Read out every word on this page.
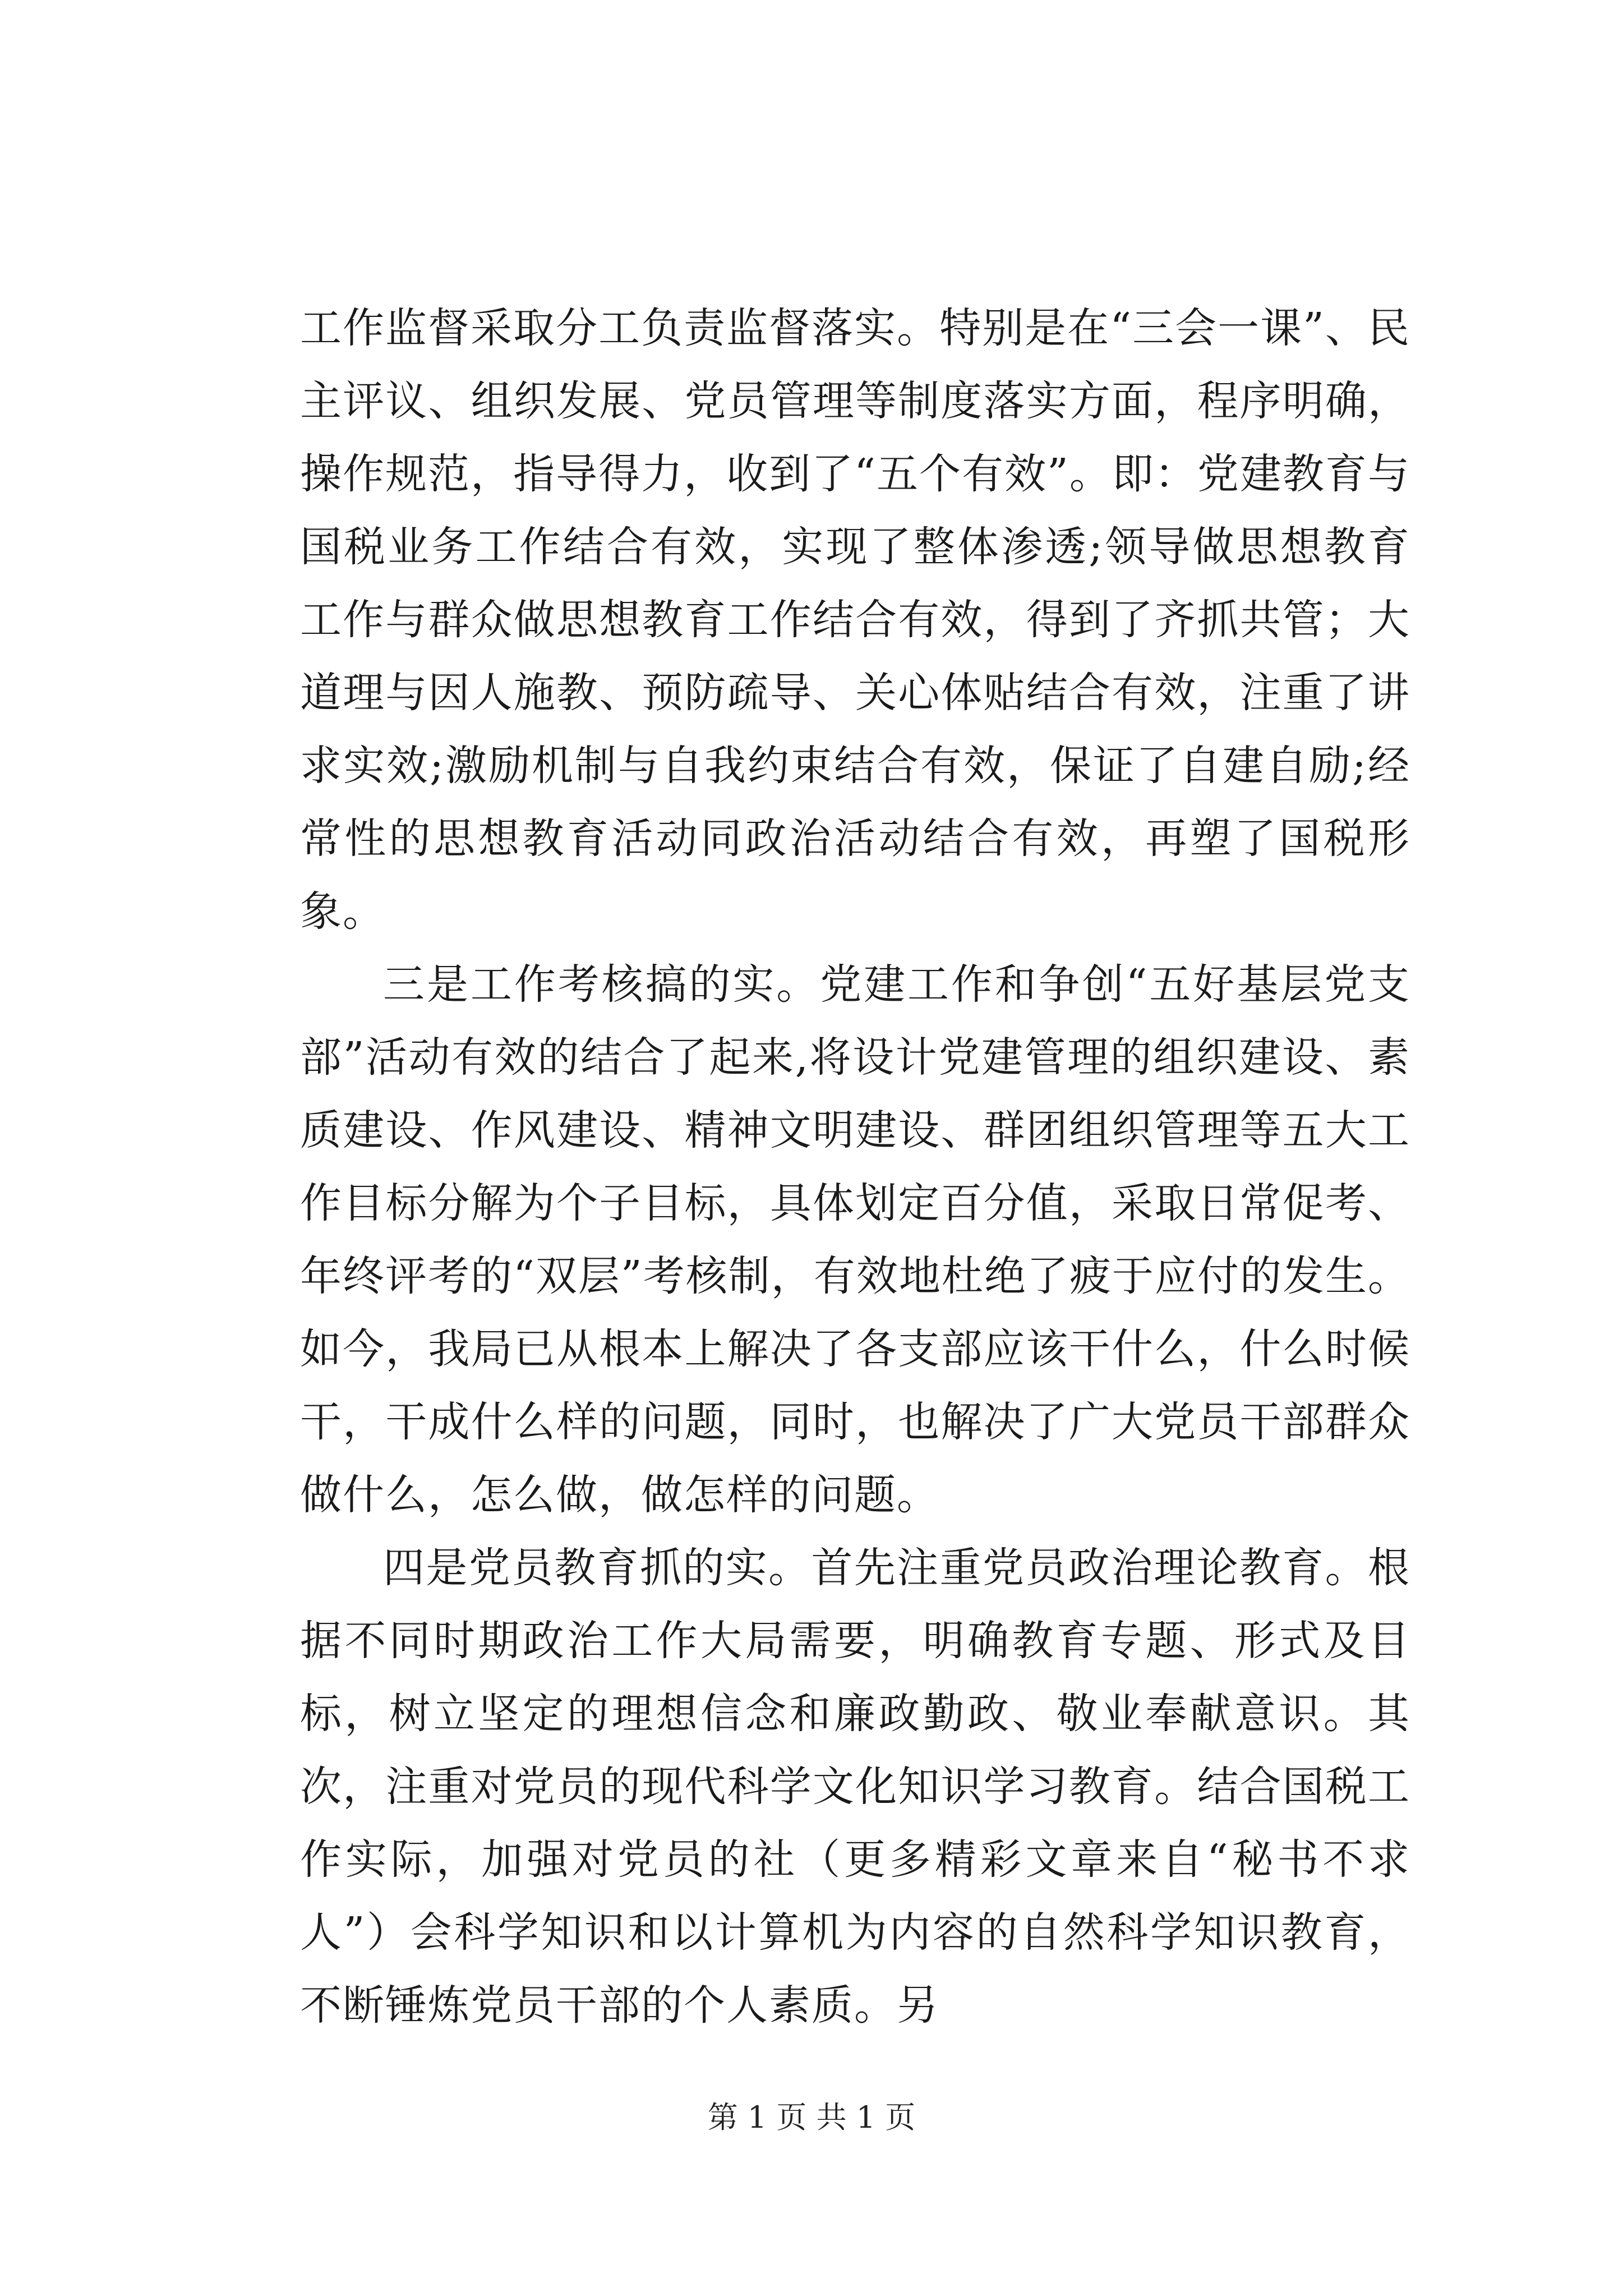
工作监督采取分工负责监督落实。特别是在“三会一课”、民主评议、组织发展、党员管理等制度落实方面，程序明确，操作规范，指导得力，收到了“五个有效”。即：党建教育与国税业务工作结合有效，实现了整体渗透;领导做思想教育工作与群众做思想教育工作结合有效，得到了齐抓共管；大道理与因人施教、预防疏导、关心体贴结合有效，注重了讲求实效;激励机制与自我约束结合有效，保证了自建自励;经常性的思想教育活动同政治活动结合有效，再塑了国税形象。

三是工作考核搞的实。党建工作和争创“五好基层党支部”活动有效的结合了起来,将设计党建管理的组织建设、素质建设、作风建设、精神文明建设、群团组织管理等五大工作目标分解为个子目标，具体划定百分值，采取日常促考、年终评考的“双层”考核制，有效地杜绝了疲于应付的发生。如今，我局已从根本上解决了各支部应该干什么，什么时候干，干成什么样的问题，同时，也解决了广大党员干部群众做什么，怎么做，做怎样的问题。

四是党员教育抓的实。首先注重党员政治理论教育。根据不同时期政治工作大局需要，明确教育专题、形式及目标，树立坚定的理想信念和廉政勤政、敬业奉献意识。其次，注重对党员的现代科学文化知识学习教育。结合国税工作实际，加强对党员的社（更多精彩文章来自“秘书不求人”）会科学知识和以计算机为内容的自然科学知识教育，不断锤炼党员干部的个人素质。另

第 1 页 共 1 页
